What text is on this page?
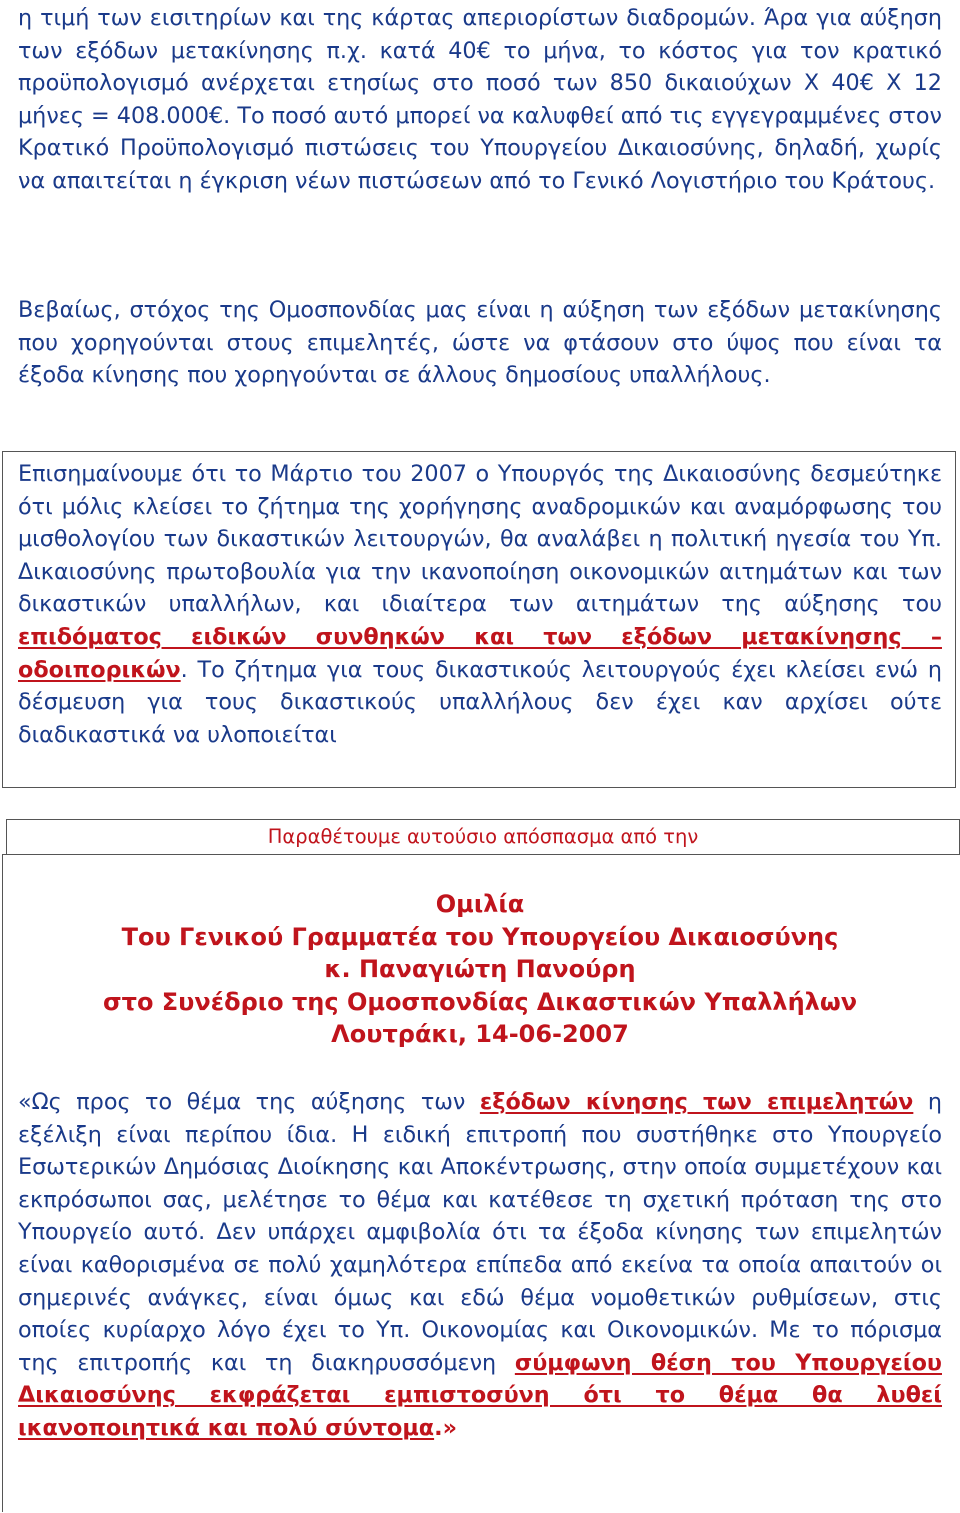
η τιμή των εισιτηρίων και της κάρτας απεριορίστων διαδρομών. Άρα για αύξηση των εξόδων μετακίνησης π.χ. κατά 40€ το μήνα, το κόστος για τον κρατικό προϋπολογισμό ανέρχεται ετησίως στο ποσό των 850 δικαιούχων Χ 40€ Χ 12 μήνες = 408.000€. Το ποσό αυτό μπορεί να καλυφθεί από τις εγγεγραμμένες στον Κρατικό Προϋπολογισμό πιστώσεις του Υπουργείου Δικαιοσύνης, δηλαδή, χωρίς να απαιτείται η έγκριση νέων πιστώσεων από το Γενικό Λογιστήριο του Κράτους.

Βεβαίως, στόχος της Ομοσπονδίας μας είναι η αύξηση των εξόδων μετακίνησης που χορηγούνται στους επιμελητές, ώστε να φτάσουν στο ύψος που είναι τα έξοδα κίνησης που χορηγούνται σε άλλους δημοσίους υπαλλήλους.

Επισημαίνουμε ότι το Μάρτιο του 2007 ο Υπουργός της Δικαιοσύνης δεσμεύτηκε ότι μόλις κλείσει το ζήτημα της χορήγησης αναδρομικών και αναμόρφωσης του μισθολογίου των δικαστικών λειτουργών, θα αναλάβει η πολιτική ηγεσία του Υπ. Δικαιοσύνης πρωτοβουλία για την ικανοποίηση οικονομικών αιτημάτων και των δικαστικών υπαλλήλων, και ιδιαίτερα των αιτημάτων της αύξησης του επιδόματος ειδικών συνθηκών και των εξόδων μετακίνησης – οδοιπορικών. Το ζήτημα για τους δικαστικούς λειτουργούς έχει κλείσει ενώ η δέσμευση για τους δικαστικούς υπαλλήλους δεν έχει καν αρχίσει ούτε διαδικαστικά να υλοποιείται

Παραθέτουμε αυτούσιο απόσπασμα από την
Ομιλία
Του Γενικού Γραμματέα του Υπουργείου Δικαιοσύνης
κ. Παναγιώτη Πανούρη
στο Συνέδριο της Ομοσπονδίας Δικαστικών Υπαλλήλων
Λουτράκι, 14-06-2007

«Ως προς το θέμα της αύξησης των εξόδων κίνησης των επιμελητών η εξέλιξη είναι περίπου ίδια. Η ειδική επιτροπή που συστήθηκε στο Υπουργείο Εσωτερικών Δημόσιας Διοίκησης και Αποκέντρωσης, στην οποία συμμετέχουν και εκπρόσωποι σας, μελέτησε το θέμα και κατέθεσε τη σχετική πρόταση της στο Υπουργείο αυτό. Δεν υπάρχει αμφιβολία ότι τα έξοδα κίνησης των επιμελητών είναι καθορισμένα σε πολύ χαμηλότερα επίπεδα από εκείνα τα οποία απαιτούν οι σημερινές ανάγκες, είναι όμως και εδώ θέμα νομοθετικών ρυθμίσεων, στις οποίες κυρίαρχο λόγο έχει το Υπ. Οικονομίας και Οικονομικών. Με το πόρισμα της επιτροπής και τη διακηρυσσόμενη σύμφωνη θέση του Υπουργείου Δικαιοσύνης εκφράζεται εμπιστοσύνη ότι το θέμα θα λυθεί ικανοποιητικά και πολύ σύντομα.»
